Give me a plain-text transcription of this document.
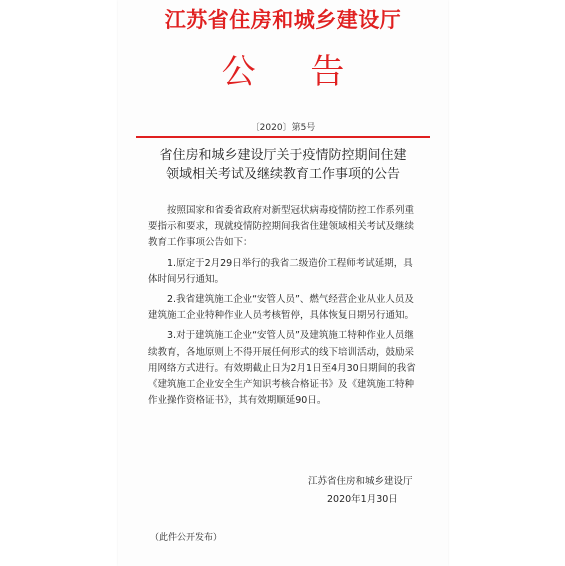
江苏省住房和城乡建设厅
公 告
〔2020〕第5号
省住房和城乡建设厅关于疫情防控期间住建
领域相关考试及继续教育工作事项的公告

按照国家和省委省政府对新型冠状病毒疫情防控工作系列重要指示和要求，现就疫情防控期间我省住建领域相关考试及继续教育工作事项公告如下：

1.原定于2月29日举行的我省二级造价工程师考试延期，具体时间另行通知。

2.我省建筑施工企业“安管人员”、燃气经营企业从业人员及建筑施工企业特种作业人员考核暂停，具体恢复日期另行通知。

3.对于建筑施工企业“安管人员”及建筑施工特种作业人员继续教育，各地原则上不得开展任何形式的线下培训活动，鼓励采用网络方式进行。有效期截止日为2月1日至4月30日期间的我省《建筑施工企业安全生产知识考核合格证书》及《建筑施工特种作业操作资格证书》，其有效期顺延90日。

江苏省住房和城乡建设厅
2020年1月30日
（此件公开发布）
